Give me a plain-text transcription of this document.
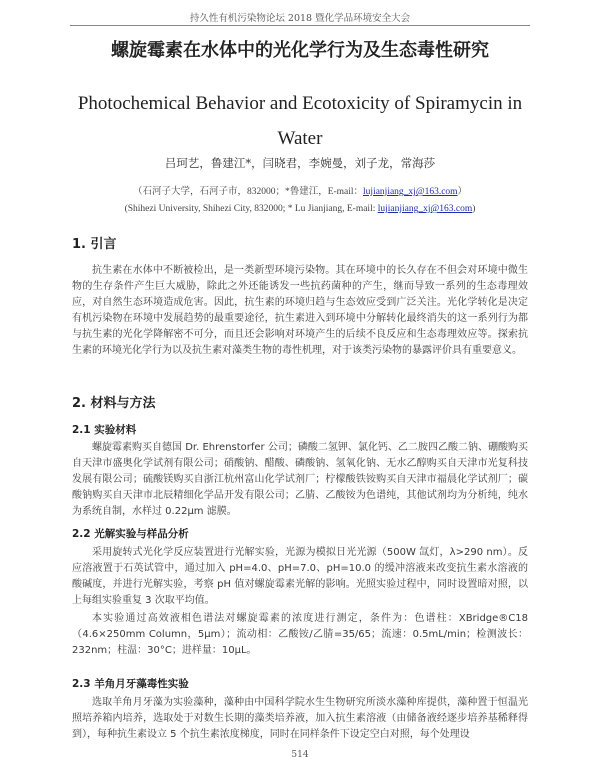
持久性有机污染物论坛 2018 暨化学品环境安全大会
螺旋霉素在水体中的光化学行为及生态毒性研究
Photochemical Behavior and Ecotoxicity of Spiramycin in Water
吕珂艺，鲁建江*，闫晓君，李婉曼，刘子龙，常海莎
（石河子大学，石河子市，832000；*鲁建江，E-mail：lujianjiang_xj@163.com）
(Shihezi University, Shihezi City, 832000; * Lu Jianjiang, E-mail: lujianjiang_xj@163.com)
1. 引言
抗生素在水体中不断被检出，是一类新型环境污染物。其在环境中的长久存在不但会对环境中微生物的生存条件产生巨大威胁，除此之外还能诱发一些抗药菌种的产生，继而导致一系列的生态毒理效应，对自然生态环境造成危害。因此，抗生素的环境归趋与生态效应受到广泛关注。光化学转化是决定有机污染物在环境中发展趋势的最重要途径，抗生素进入到环境中分解转化最终消失的这一系列行为都与抗生素的光化学降解密不可分，而且还会影响对环境产生的后续不良反应和生态毒理效应等。探索抗生素的环境光化学行为以及抗生素对藻类生物的毒性机理，对于该类污染物的暴露评价具有重要意义。
2. 材料与方法
2.1 实验材料
螺旋霉素购买自德国 Dr. Ehrenstorfer 公司；磷酸二氢钾、氯化钙、乙二胺四乙酸二钠、硼酸购买自天津市盛奥化学试剂有限公司；硝酸钠、醋酸、磷酸钠、氢氧化钠、无水乙醇购买自天津市光复科技发展有限公司；硫酸镁购买自浙江杭州富山化学试剂厂；柠檬酸铁铵购买自天津市福晨化学试剂厂；碳酸钠购买自天津市北辰精细化学品开发有限公司；乙腈、乙酸铵为色谱纯，其他试剂均为分析纯，纯水为系统自制，水样过 0.22μm 滤膜。
2.2 光解实验与样品分析
采用旋转式光化学反应装置进行光解实验，光源为模拟日光光源（500W 氙灯，λ>290 nm）。反应溶液置于石英试管中，通过加入 pH=4.0、pH=7.0、pH=10.0 的缓冲溶液来改变抗生素水溶液的酸碱度，并进行光解实验，考察 pH 值对螺旋霉素光解的影响。光照实验过程中，同时设置暗对照，以上每组实验重复 3 次取平均值。
本实验通过高效液相色谱法对螺旋霉素的浓度进行测定，条件为：色谱柱：XBridge®C18（4.6×250mm Column，5μm）；流动相：乙酸铵/乙腈=35/65；流速：0.5mL/min；检测波长：232nm；柱温：30°C；进样量：10μL。
2.3 羊角月牙藻毒性实验
选取羊角月牙藻为实验藻种，藻种由中国科学院水生生物研究所淡水藻种库提供，藻种置于恒温光照培养箱内培养，选取处于对数生长期的藻类培养液，加入抗生素溶液（由储备液经逐步培养基稀释得到），每种抗生素设立 5 个抗生素浓度梯度，同时在同样条件下设定空白对照，每个处理设
514
